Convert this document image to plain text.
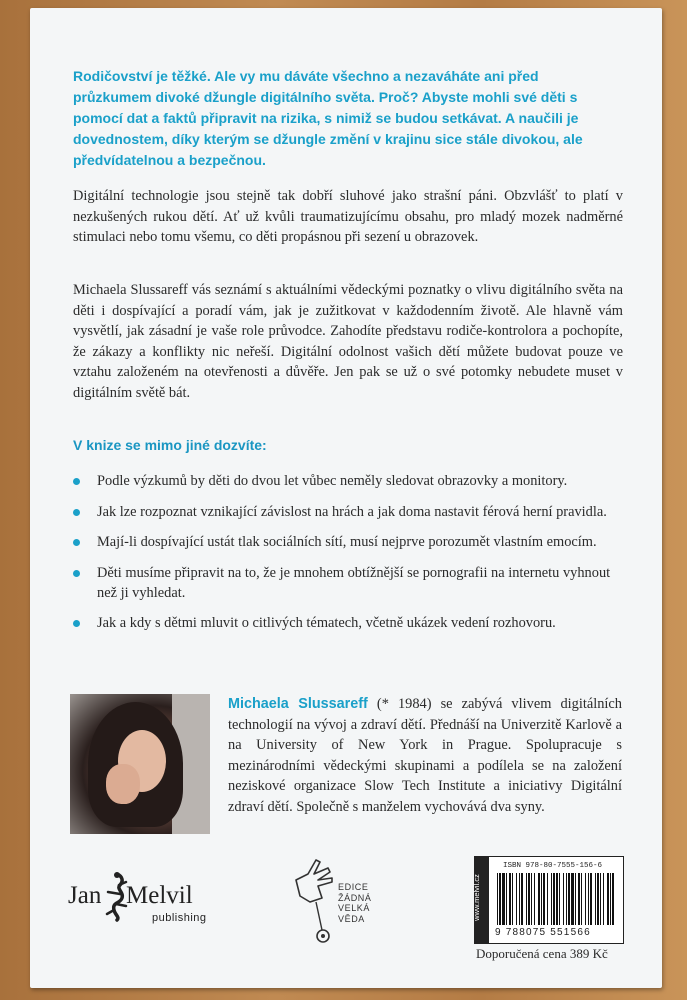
Rodičovství je těžké. Ale vy mu dáváte všechno a nezaváháte ani před průzkumem divoké džungle digitálního světa. Proč? Abyste mohli své děti s pomocí dat a faktů připravit na rizika, s nimiž se budou setkávat. A naučili je dovednostem, díky kterým se džungle změní v krajinu sice stále divokou, ale předvídatelnou a bezpečnou.

Digitální technologie jsou stejně tak dobří sluhové jako strašní páni. Obzvlášť to platí v nezkušených rukou dětí. Ať už kvůli traumatizujícímu obsahu, pro mladý mozek nadměrné stimulaci nebo tomu všemu, co děti propásnou při sezení u obrazovek.

Michaela Slussareff vás seznámí s aktuálními vědeckými poznatky o vlivu digitálního světa na děti i dospívající a poradí vám, jak je zužitkovat v každodenním životě. Ale hlavně vám vysvětlí, jak zásadní je vaše role průvodce. Zahodíte představu rodiče-kontrolora a pochopíte, že zákazy a konflikty nic neřeší. Digitální odolnost vašich dětí můžete budovat pouze ve vztahu založeném na otevřenosti a důvěře. Jen pak se už o své potomky nebudete muset v digitálním světě bát.

V knize se mimo jiné dozvíte:

Podle výzkumů by děti do dvou let vůbec neměly sledovat obrazovky a monitory.
Jak lze rozpoznat vznikající závislost na hrách a jak doma nastavit férová herní pravidla.
Mají-li dospívající ustát tlak sociálních sítí, musí nejprve porozumět vlastním emocím.
Děti musíme připravit na to, že je mnohem obtížnější se pornografii na internetu vyhnout než ji vyhledat.
Jak a kdy s dětmi mluvit o citlivých tématech, včetně ukázek vedení rozhovoru.

Michaela Slussareff (* 1984) se zabývá vlivem digitálních technologií na vývoj a zdraví dětí. Přednáší na Univerzitě Karlově a na University of New York in Prague. Spolupracuje s mezinárodními vědeckými skupinami a podílela se na založení neziskové organizace Slow Tech Institute a iniciativy Digitální zdraví dětí. Společně s manželem vychovává dva syny.

Jan Melvil
publishing
EDICE
ŽÁDNÁ
VELKÁ
VĚDA	www.melvil.cz
ISBN 978-80-7555-156-6
9 788075 551566
Doporučená cena 389 Kč
